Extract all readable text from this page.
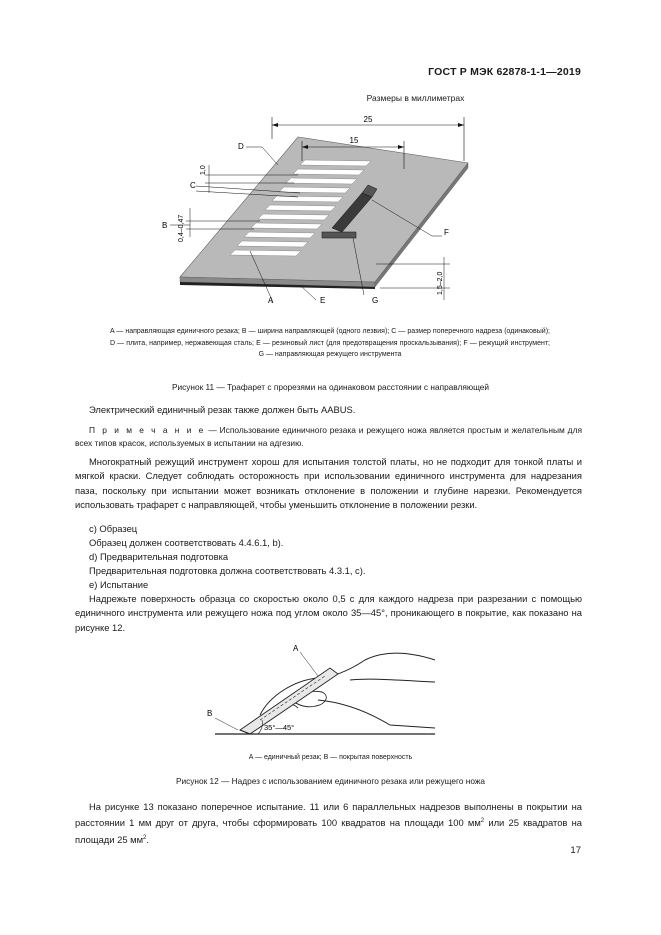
ГОСТ Р МЭК 62878-1-1—2019
Размеры в миллиметрах
25
15
D
1,0
C
B 0,4–0,47	F
1,5–2,0
A	E	G
A — направляющая единичного резака; B — ширина направляющей (одного лезвия); C — размер поперечного надреза (одинаковый); D — плита, например, нержавеющая сталь; E — резиновый лист (для предотвращения проскальзывания); F — режущий инструмент; G — направляющая режущего инструмента
Рисунок 11 — Трафарет с прорезями на одинаковом расстоянии с направляющей
Электрический единичный резак также должен быть AABUS.
П р и м е ч а н и е — Использование единичного резака и режущего ножа является простым и желательным для всех типов красок, используемых в испытании на адгезию.
Многократный режущий инструмент хорош для испытания толстой платы, но не подходит для тонкой платы и мягкой краски. Следует соблюдать осторожность при использовании единичного инструмента для надрезания паза, поскольку при испытании может возникать отклонение в положении и глубине нарезки. Рекомендуется использовать трафарет с направляющей, чтобы уменьшить отклонение в положении резки.
c) Образец
Образец должен соответствовать 4.4.6.1, b).
d) Предварительная подготовка
Предварительная подготовка должна соответствовать 4.3.1, с).
e) Испытание
Надрежьте поверхность образца со скоростью около 0,5 с для каждого надреза при разрезании с помощью единичного инструмента или режущего ножа под углом около 35—45°, проникающего в покрытие, как показано на рисунке 12.
35°—45°
A
B
A — единичный резак; B — покрытая поверхность
Рисунок 12 — Надрез с использованием единичного резака или режущего ножа
На рисунке 13 показано поперечное испытание. 11 или 6 параллельных надрезов выполнены в покрытии на расстоянии 1 мм друг от друга, чтобы сформировать 100 квадратов на площади 100 $мм^2$ или 25 квадратов на площади 25 $мм^2$.
17
